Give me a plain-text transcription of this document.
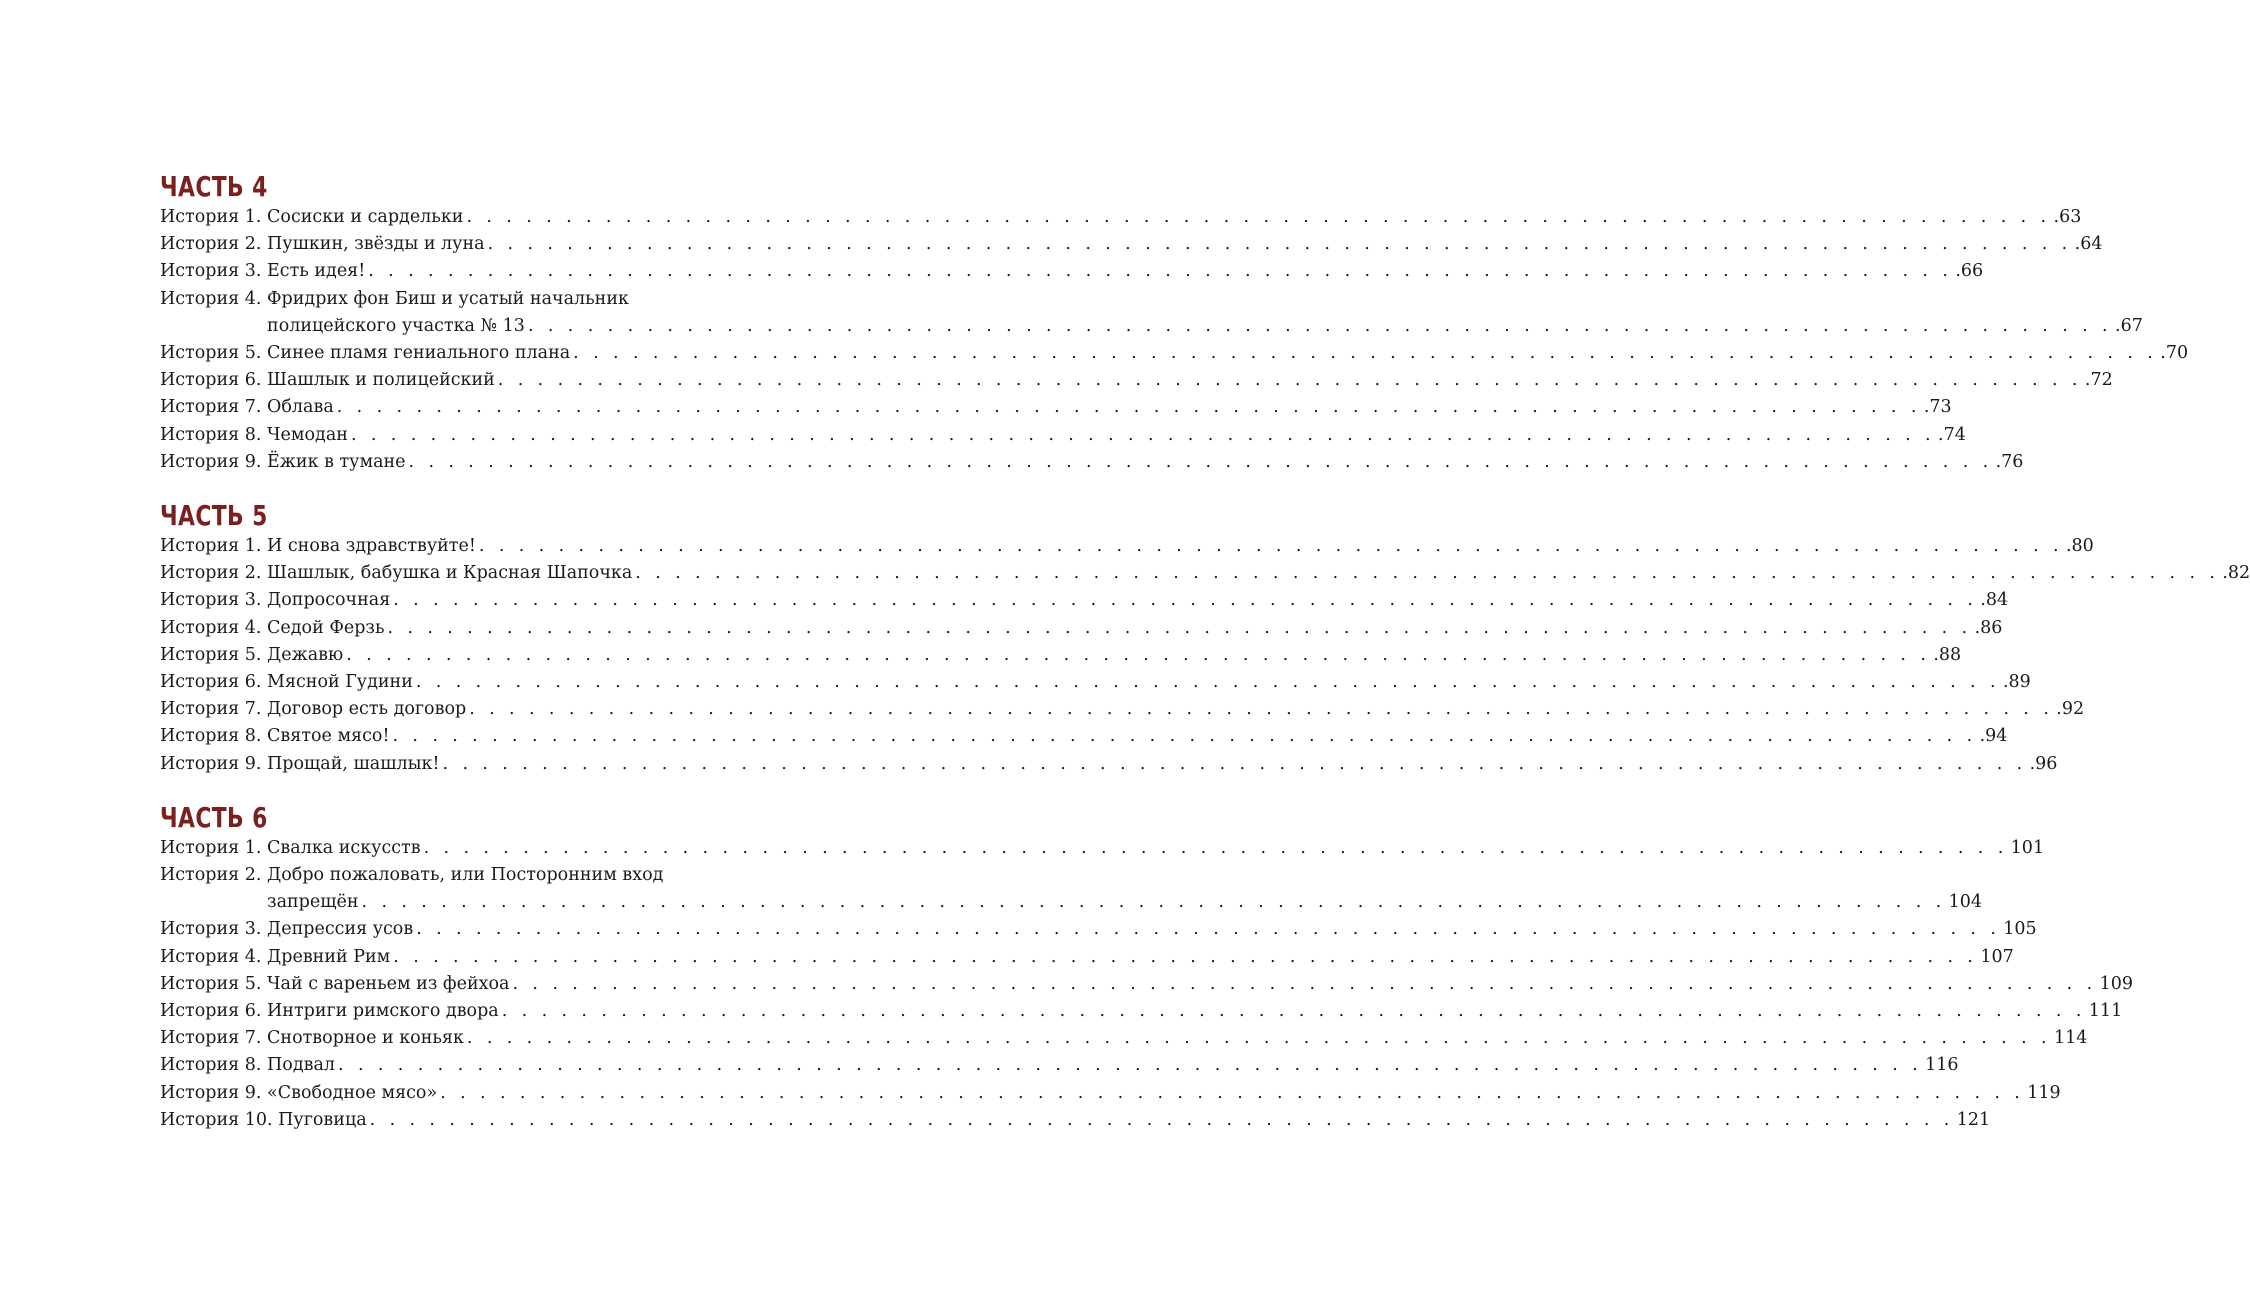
ЧАСТЬ 4
История 1.
Сосиски и сардельки . . . . . . . . . . . . . . . . . . . . . . . . . . . . . . . . . . . . . . . . . . . . . . . . . . . . . . . . . . . . . . . . . . . . . . . . . . . . . . . . .63
История 2.
Пушкин, звёзды и луна . . . . . . . . . . . . . . . . . . . . . . . . . . . . . . . . . . . . . . . . . . . . . . . . . . . . . . . . . . . . . . . . . . . . . . . . . . . . . . . . .64
История 3.
Есть идея! . . . . . . . . . . . . . . . . . . . . . . . . . . . . . . . . . . . . . . . . . . . . . . . . . . . . . . . . . . . . . . . . . . . . . . . . . . . . . . . . .66
История 4.
Фридрих фон Биш и усатый начальник
полицейского участка № 13 . . . . . . . . . . . . . . . . . . . . . . . . . . . . . . . . . . . . . . . . . . . . . . . . . . . . . . . . . . . . . . . . . . . . . . . . . . . . . . . . .67
История 5.
Синее пламя гениального плана . . . . . . . . . . . . . . . . . . . . . . . . . . . . . . . . . . . . . . . . . . . . . . . . . . . . . . . . . . . . . . . . . . . . . . . . . . . . . . . . .70
История 6.
Шашлык и полицейский . . . . . . . . . . . . . . . . . . . . . . . . . . . . . . . . . . . . . . . . . . . . . . . . . . . . . . . . . . . . . . . . . . . . . . . . . . . . . . . . .72
История 7.
Облава . . . . . . . . . . . . . . . . . . . . . . . . . . . . . . . . . . . . . . . . . . . . . . . . . . . . . . . . . . . . . . . . . . . . . . . . . . . . . . . . .73
История 8.
Чемодан . . . . . . . . . . . . . . . . . . . . . . . . . . . . . . . . . . . . . . . . . . . . . . . . . . . . . . . . . . . . . . . . . . . . . . . . . . . . . . . . .74
История 9.
Ёжик в тумане . . . . . . . . . . . . . . . . . . . . . . . . . . . . . . . . . . . . . . . . . . . . . . . . . . . . . . . . . . . . . . . . . . . . . . . . . . . . . . . . .76
ЧАСТЬ 5
История 1.
И снова здравствуйте! . . . . . . . . . . . . . . . . . . . . . . . . . . . . . . . . . . . . . . . . . . . . . . . . . . . . . . . . . . . . . . . . . . . . . . . . . . . . . . . . .80
История 2.
Шашлык, бабушка и Красная Шапочка . . . . . . . . . . . . . . . . . . . . . . . . . . . . . . . . . . . . . . . . . . . . . . . . . . . . . . . . . . . . . . . . . . . . . . . . . . . . . . . . .82
История 3.
Допросочная . . . . . . . . . . . . . . . . . . . . . . . . . . . . . . . . . . . . . . . . . . . . . . . . . . . . . . . . . . . . . . . . . . . . . . . . . . . . . . . . .84
История 4.
Седой Ферзь . . . . . . . . . . . . . . . . . . . . . . . . . . . . . . . . . . . . . . . . . . . . . . . . . . . . . . . . . . . . . . . . . . . . . . . . . . . . . . . . .86
История 5.
Дежавю . . . . . . . . . . . . . . . . . . . . . . . . . . . . . . . . . . . . . . . . . . . . . . . . . . . . . . . . . . . . . . . . . . . . . . . . . . . . . . . . .88
История 6.
Мясной Гудини . . . . . . . . . . . . . . . . . . . . . . . . . . . . . . . . . . . . . . . . . . . . . . . . . . . . . . . . . . . . . . . . . . . . . . . . . . . . . . . . .89
История 7.
Договор есть договор . . . . . . . . . . . . . . . . . . . . . . . . . . . . . . . . . . . . . . . . . . . . . . . . . . . . . . . . . . . . . . . . . . . . . . . . . . . . . . . . .92
История 8.
Святое мясо! . . . . . . . . . . . . . . . . . . . . . . . . . . . . . . . . . . . . . . . . . . . . . . . . . . . . . . . . . . . . . . . . . . . . . . . . . . . . . . . . .94
История 9.
Прощай, шашлык! . . . . . . . . . . . . . . . . . . . . . . . . . . . . . . . . . . . . . . . . . . . . . . . . . . . . . . . . . . . . . . . . . . . . . . . . . . . . . . . . .96
ЧАСТЬ 6
История 1.
Свалка искусств . . . . . . . . . . . . . . . . . . . . . . . . . . . . . . . . . . . . . . . . . . . . . . . . . . . . . . . . . . . . . . . . . . . . . . . . . . . . . . . . 101
История 2.
Добро пожаловать, или Посторонним вход
запрещён . . . . . . . . . . . . . . . . . . . . . . . . . . . . . . . . . . . . . . . . . . . . . . . . . . . . . . . . . . . . . . . . . . . . . . . . . . . . . . . . 104
История 3.
Депрессия усов . . . . . . . . . . . . . . . . . . . . . . . . . . . . . . . . . . . . . . . . . . . . . . . . . . . . . . . . . . . . . . . . . . . . . . . . . . . . . . . . 105
История 4.
Древний Рим . . . . . . . . . . . . . . . . . . . . . . . . . . . . . . . . . . . . . . . . . . . . . . . . . . . . . . . . . . . . . . . . . . . . . . . . . . . . . . . . 107
История 5.
Чай с вареньем из фейхоа . . . . . . . . . . . . . . . . . . . . . . . . . . . . . . . . . . . . . . . . . . . . . . . . . . . . . . . . . . . . . . . . . . . . . . . . . . . . . . . . 109
История 6.
Интриги римского двора . . . . . . . . . . . . . . . . . . . . . . . . . . . . . . . . . . . . . . . . . . . . . . . . . . . . . . . . . . . . . . . . . . . . . . . . . . . . . . . . 111
История 7.
Снотворное и коньяк . . . . . . . . . . . . . . . . . . . . . . . . . . . . . . . . . . . . . . . . . . . . . . . . . . . . . . . . . . . . . . . . . . . . . . . . . . . . . . . . 114
История 8.
Подвал . . . . . . . . . . . . . . . . . . . . . . . . . . . . . . . . . . . . . . . . . . . . . . . . . . . . . . . . . . . . . . . . . . . . . . . . . . . . . . . . 116
История 9.
«Свободное мясо» . . . . . . . . . . . . . . . . . . . . . . . . . . . . . . . . . . . . . . . . . . . . . . . . . . . . . . . . . . . . . . . . . . . . . . . . . . . . . . . . 119
История 10.
Пуговица . . . . . . . . . . . . . . . . . . . . . . . . . . . . . . . . . . . . . . . . . . . . . . . . . . . . . . . . . . . . . . . . . . . . . . . . . . . . . . . . 121
